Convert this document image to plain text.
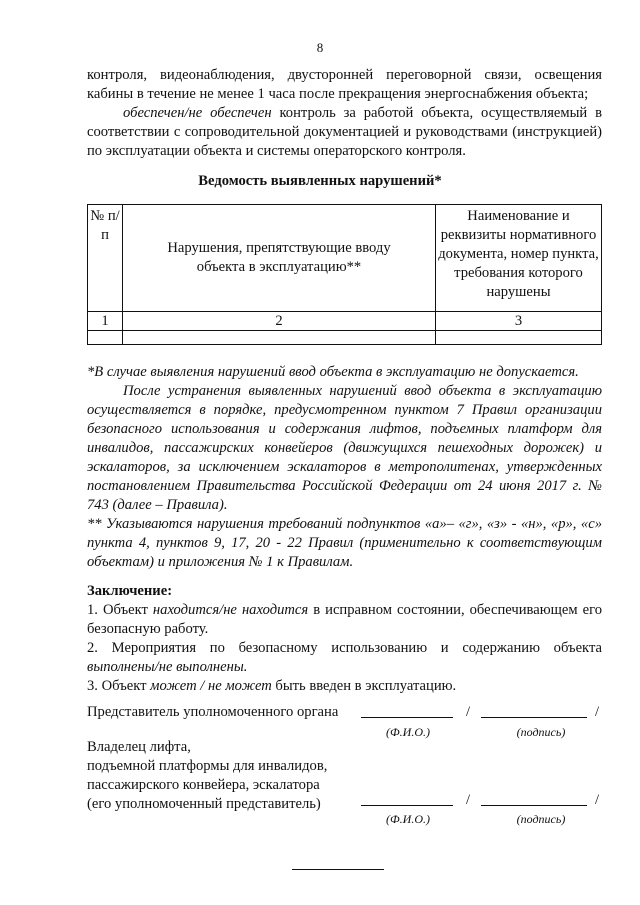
8

контроля, видеонаблюдения, двусторонней переговорной связи, освещения кабины в течение не менее 1 часа после прекращения энергоснабжения объекта;

обеспечен/не обеспечен контроль за работой объекта, осуществляемый в соответствии с сопроводительной документацией и руководствами (инструкцией) по эксплуатации объекта и системы операторского контроля.

Ведомость выявленных нарушений*
№ п/п	Нарушения, препятствующие вводу объекта в эксплуатацию**	Наименование и реквизиты нормативного документа, номер пункта, требования которого нарушены
1	2	3

*В случае выявления нарушений ввод объекта в эксплуатацию не допускается.

После устранения выявленных нарушений ввод объекта в эксплуатацию осуществляется в порядке, предусмотренном пунктом 7 Правил организации безопасного использования и содержания лифтов, подъемных платформ для инвалидов, пассажирских конвейеров (движущихся пешеходных дорожек) и эскалаторов, за исключением эскалаторов в метрополитенах, утвержденных постановлением Правительства Российской Федерации от 24 июня 2017 г. № 743 (далее – Правила).

** Указываются нарушения требований подпунктов «а»– «г», «з» - «н», «р», «с» пункта 4, пунктов 9, 17, 20 - 22 Правил (применительно к соответствующим объектам) и приложения № 1 к Правилам.

Заключение:

1. Объект находится/не находится в исправном состоянии, обеспечивающем его безопасную работу.

2. Мероприятия по безопасному использованию и содержанию объекта выполнены/не выполнены.

3. Объект может / не может быть введен в эксплуатацию.

Представитель уполномоченного органа	/	/
(Ф.И.О.)	(подпись)
Владелец лифта,
подъемной платформы для инвалидов,
пассажирского конвейера, эскалатора
(его уполномоченный представитель)	/	/
(Ф.И.О.)	(подпись)
